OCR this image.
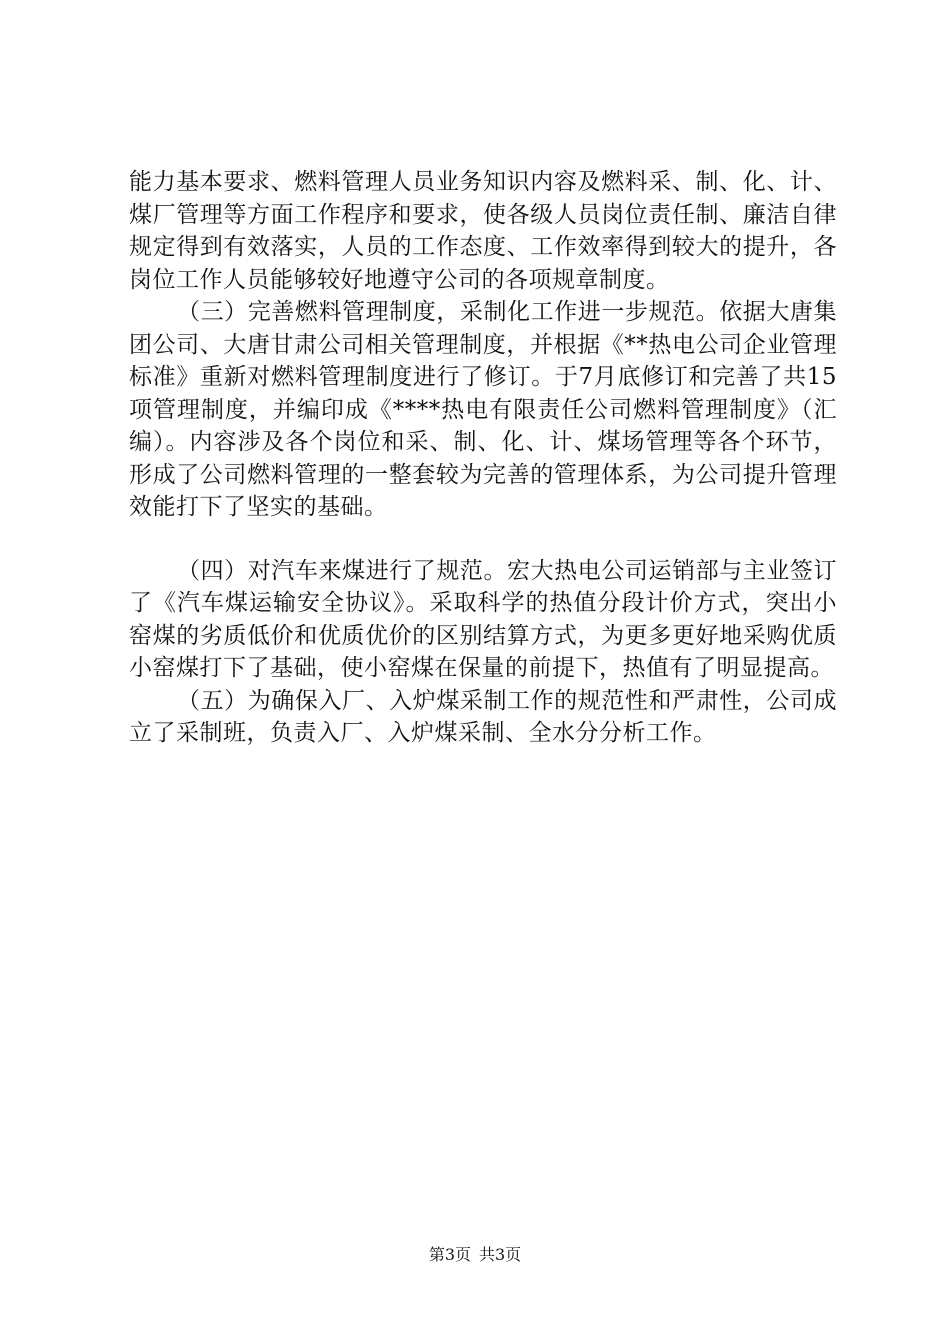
能力基本要求、燃料管理人员业务知识内容及燃料采、制、化、计、煤厂管理等方面工作程序和要求，使各级人员岗位责任制、廉洁自律规定得到有效落实，人员的工作态度、工作效率得到较大的提升，各岗位工作人员能够较好地遵守公司的各项规章制度。

（三）完善燃料管理制度，采制化工作进一步规范。依据大唐集团公司、大唐甘肃公司相关管理制度，并根据《**热电公司企业管理标准》重新对燃料管理制度进行了修订。于7月底修订和完善了共15项管理制度，并编印成《****热电有限责任公司燃料管理制度》（汇编）。内容涉及各个岗位和采、制、化、计、煤场管理等各个环节，形成了公司燃料管理的一整套较为完善的管理体系，为公司提升管理效能打下了坚实的基础。

（四）对汽车来煤进行了规范。宏大热电公司运销部与主业签订了《汽车煤运输安全协议》。采取科学的热值分段计价方式，突出小窑煤的劣质低价和优质优价的区别结算方式，为更多更好地采购优质小窑煤打下了基础，使小窑煤在保量的前提下，热值有了明显提高。

（五）为确保入厂、入炉煤采制工作的规范性和严肃性，公司成立了采制班，负责入厂、入炉煤采制、全水分分析工作。

第3页 共3页
